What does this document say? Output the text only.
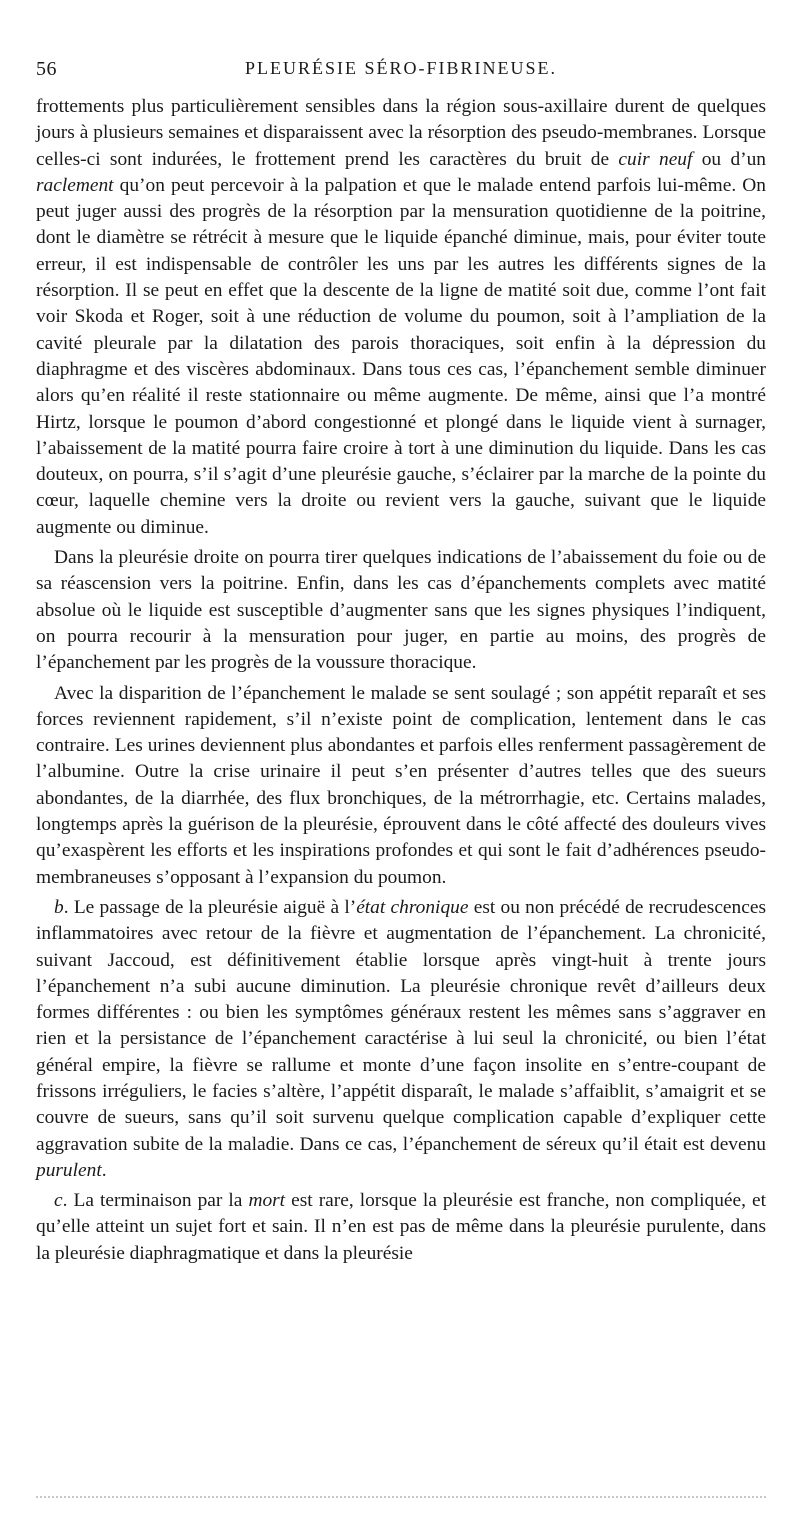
56	PLEURÉSIE SÉRO-FIBRINEUSE.

frottements plus particulièrement sensibles dans la région sous-axillaire durent de quelques jours à plusieurs semaines et disparaissent avec la résorption des pseudo-membranes. Lorsque celles-ci sont indurées, le frottement prend les caractères du bruit de cuir neuf ou d’un raclement qu’on peut percevoir à la palpation et que le malade entend parfois lui-même. On peut juger aussi des progrès de la résorption par la mensuration quotidienne de la poitrine, dont le diamètre se rétrécit à mesure que le liquide épanché diminue, mais, pour éviter toute erreur, il est indispensable de contrôler les uns par les autres les différents signes de la résorption. Il se peut en effet que la descente de la ligne de matité soit due, comme l’ont fait voir Skoda et Roger, soit à une réduction de volume du poumon, soit à l’ampliation de la cavité pleurale par la dilatation des parois thoraciques, soit enfin à la dépression du diaphragme et des viscères abdominaux. Dans tous ces cas, l’épanchement semble diminuer alors qu’en réalité il reste stationnaire ou même augmente. De même, ainsi que l’a montré Hirtz, lorsque le poumon d’abord congestionné et plongé dans le liquide vient à surnager, l’abaissement de la matité pourra faire croire à tort à une diminution du liquide. Dans les cas douteux, on pourra, s’il s’agit d’une pleurésie gauche, s’éclairer par la marche de la pointe du cœur, laquelle chemine vers la droite ou revient vers la gauche, suivant que le liquide augmente ou diminue.

Dans la pleurésie droite on pourra tirer quelques indications de l’abaissement du foie ou de sa réascension vers la poitrine. Enfin, dans les cas d’épanchements complets avec matité absolue où le liquide est susceptible d’augmenter sans que les signes physiques l’indiquent, on pourra recourir à la mensuration pour juger, en partie au moins, des progrès de l’épanchement par les progrès de la voussure thoracique.

Avec la disparition de l’épanchement le malade se sent soulagé ; son appétit reparaît et ses forces reviennent rapidement, s’il n’existe point de complication, lentement dans le cas contraire. Les urines deviennent plus abondantes et parfois elles renferment passagèrement de l’albumine. Outre la crise urinaire il peut s’en présenter d’autres telles que des sueurs abondantes, de la diarrhée, des flux bronchiques, de la métrorrhagie, etc. Certains malades, longtemps après la guérison de la pleurésie, éprouvent dans le côté affecté des douleurs vives qu’exaspèrent les efforts et les inspirations profondes et qui sont le fait d’adhérences pseudo-membraneuses s’opposant à l’expansion du poumon.

b. Le passage de la pleurésie aiguë à l’état chronique est ou non précédé de recrudescences inflammatoires avec retour de la fièvre et augmentation de l’épanchement. La chronicité, suivant Jaccoud, est définitivement établie lorsque après vingt-huit à trente jours l’épanchement n’a subi aucune diminution. La pleurésie chronique revêt d’ailleurs deux formes différentes : ou bien les symptômes généraux restent les mêmes sans s’aggraver en rien et la persistance de l’épanchement caractérise à lui seul la chronicité, ou bien l’état général empire, la fièvre se rallume et monte d’une façon insolite en s’entre-coupant de frissons irréguliers, le facies s’altère, l’appétit disparaît, le malade s’affaiblit, s’amaigrit et se couvre de sueurs, sans qu’il soit survenu quelque complication capable d’expliquer cette aggravation subite de la maladie. Dans ce cas, l’épanchement de séreux qu’il était est devenu purulent.

c. La terminaison par la mort est rare, lorsque la pleurésie est franche, non compliquée, et qu’elle atteint un sujet fort et sain. Il n’en est pas de même dans la pleurésie purulente, dans la pleurésie diaphragmatique et dans la pleurésie
